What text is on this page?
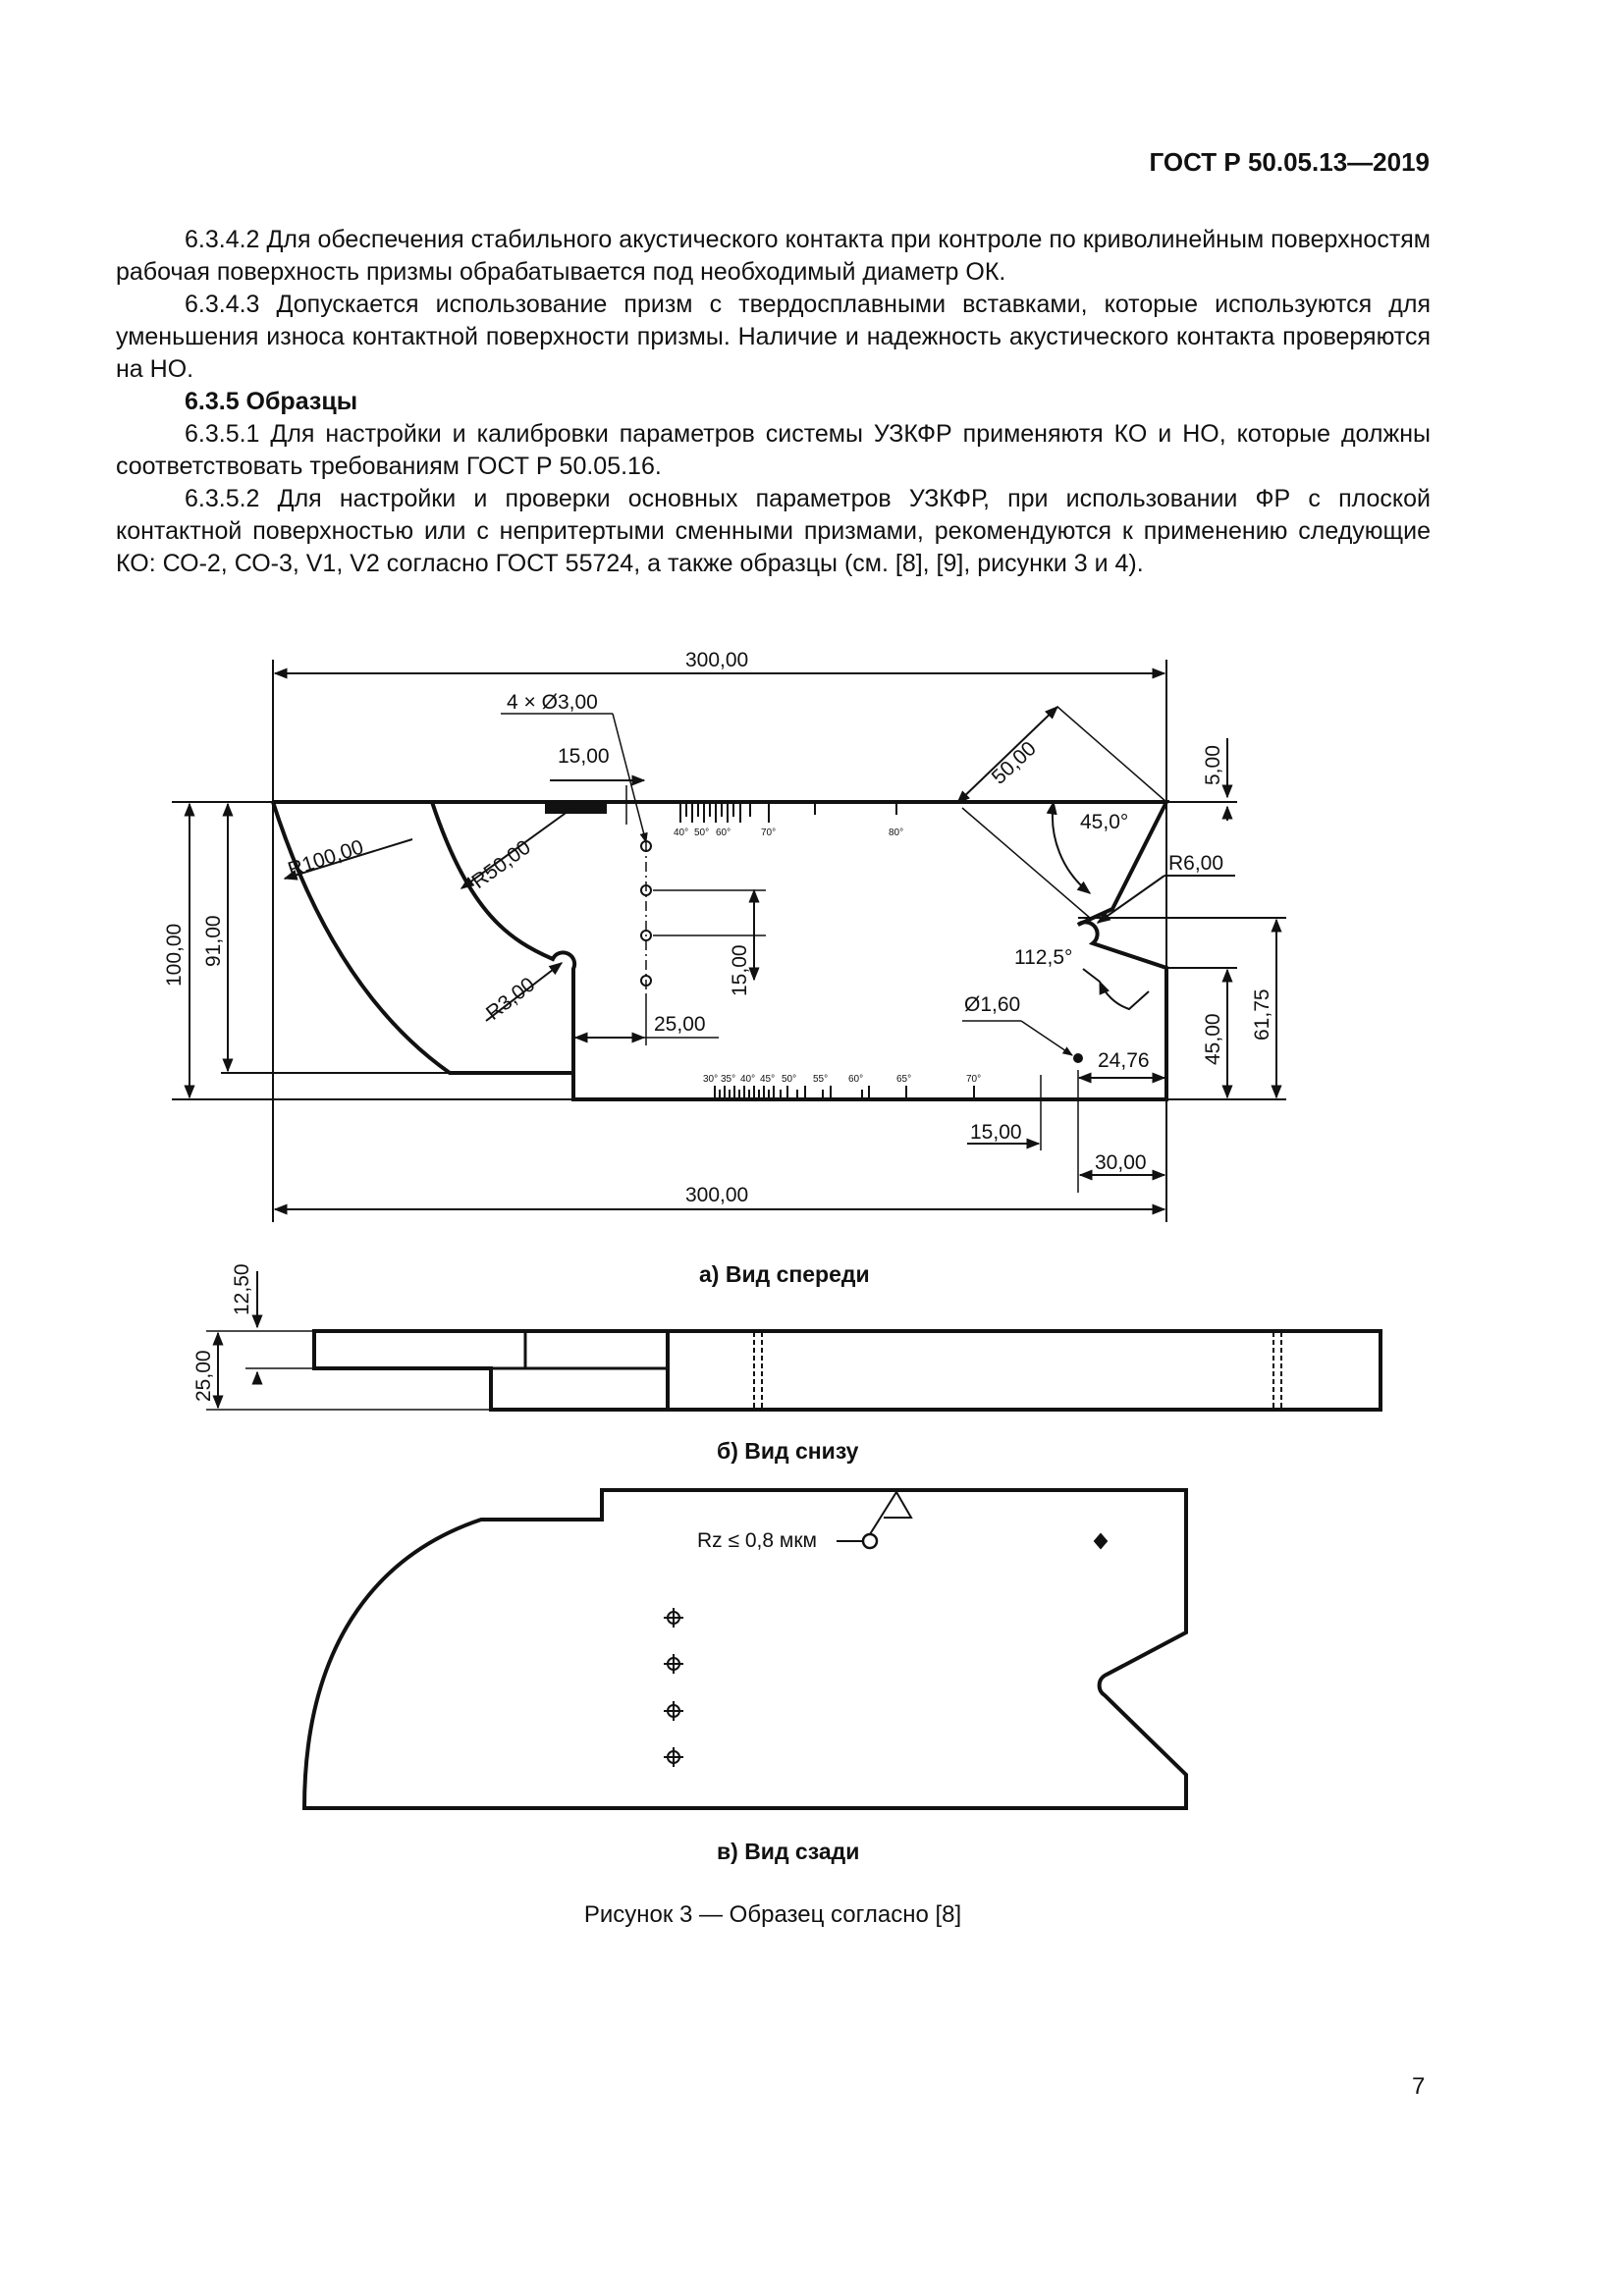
ГОСТ Р 50.05.13—2019

6.3.4.2 Для обеспечения стабильного акустического контакта при контроле по криволинейным поверхностям рабочая поверхность призмы обрабатывается под необходимый диаметр ОК.

6.3.4.3 Допускается использование призм с твердосплавными вставками, которые используются для уменьшения износа контактной поверхности призмы. Наличие и надежность акустического контакта проверяются на НО.

6.3.5 Образцы

6.3.5.1 Для настройки и калибровки параметров системы УЗКФР применяютя КО и НО, которые должны соответствовать требованиям ГОСТ Р 50.05.16.

6.3.5.2 Для настройки и проверки основных параметров УЗКФР, при использовании ФР с плоской контактной поверхностью или с непритертыми сменными призмами, рекомендуются к применению следующие КО: СО-2, СО-3, V1, V2 согласно ГОСТ 55724, а также образцы (см. [8], [9], рисунки 3 и 4).

40° 50° 60°	70°	80°
30° 35° 40° 45° 50° 55° 60°	65°	70°
300,00
300,00
4 × Ø3,00
15,00	50,00	5,00
45,0°
R6,00
R100,00	R50,00
R3,00
15,00
25,00
112,5°
Ø1,60
24,76
100,00 91,00
45,00 61,75
15,00
30,00
а) Вид спереди
12,50
25,00
б) Вид снизу
Rz ≤ 0,8 мкм
в) Вид сзади
Рисунок 3 — Образец согласно [8]
7
